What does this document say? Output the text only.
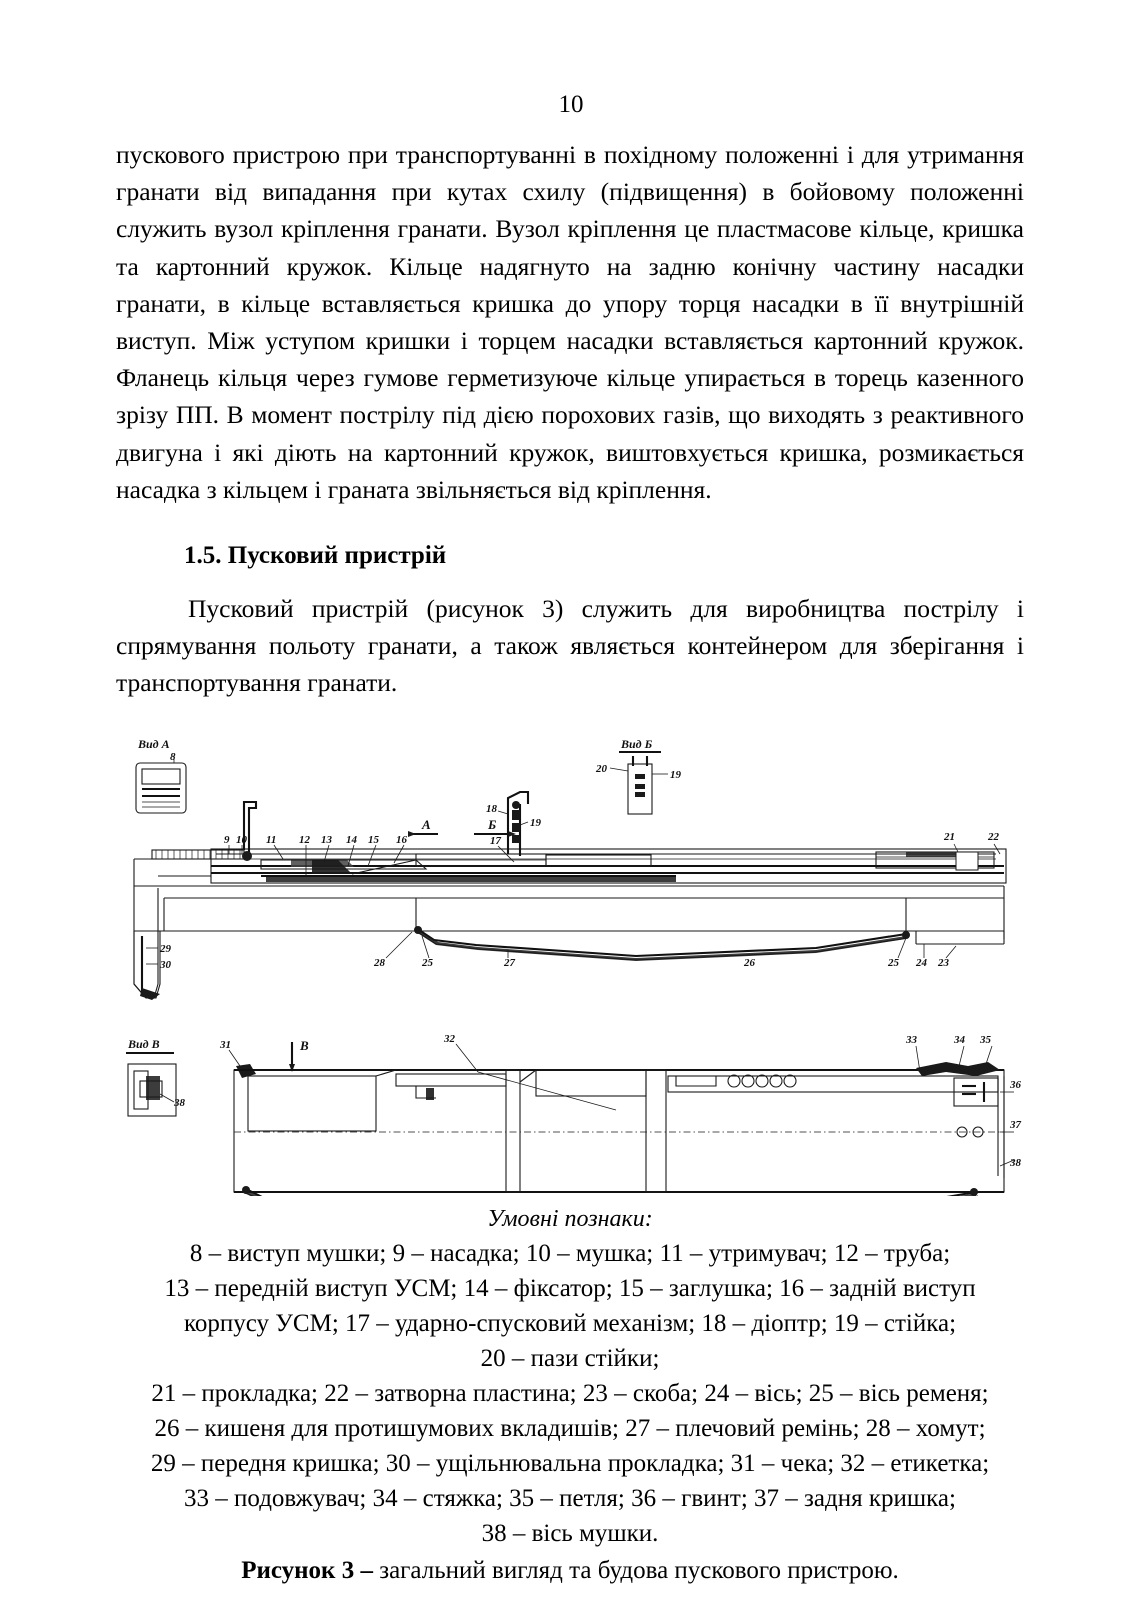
10

пускового пристрою при транспортуванні в похідному положенні і для утримання гранати від випадання при кутах схилу (підвищення) в бойовому положенні служить вузол кріплення гранати. Вузол кріплення це пластмасове кільце, кришка та картонний кружок. Кільце надягнуто на задню конічну частину насадки гранати, в кільце вставляється кришка до упору торця насадки в її внутрішній виступ. Між уступом кришки і торцем насадки вставляється картонний кружок. Фланець кільця через гумове герметизуюче кільце упирається в торець казенного зрізу ПП. В момент пострілу під дією порохових газів, що виходять з реактивного двигуна і які діють на картонний кружок, виштовхується кришка, розмикається насадка з кільцем і граната звільняється від кріплення.

1.5. Пусковий пристрій

Пусковий пристрій (рисунок 3) служить для виробництва пострілу і спрямування польоту гранати, а також являється контейнером для зберігання і транспортування гранати.

Вид А
8
Вид Б
20	19
9 10 11 12 13 14 15 16
А	Б
17
18
19
21	22
28	25	27	26	25 24 23
29
30
Вид В
38
31	В	32	33	34 35
36
37
38

Умовні познаки:

8 – виступ мушки; 9 – насадка; 10 – мушка; 11 – утримувач; 12 – труба;

13 – передній виступ УСМ; 14 – фіксатор; 15 – заглушка; 16 – задній виступ

корпусу УСМ; 17 – ударно-спусковий механізм; 18 – діоптр; 19 – стійка;

20 – пази стійки;

21 – прокладка; 22 – затворна пластина; 23 – скоба; 24 – вісь; 25 – вісь ременя;

26 – кишеня для протишумових вкладишів; 27 – плечовий ремінь; 28 – хомут;

29 – передня кришка; 30 – ущільнювальна прокладка; 31 – чека; 32 – етикетка;

33 – подовжувач; 34 – стяжка; 35 – петля; 36 – гвинт; 37 – задня кришка;

38 – вісь мушки.

Рисунок 3 – загальний вигляд та будова пускового пристрою.
